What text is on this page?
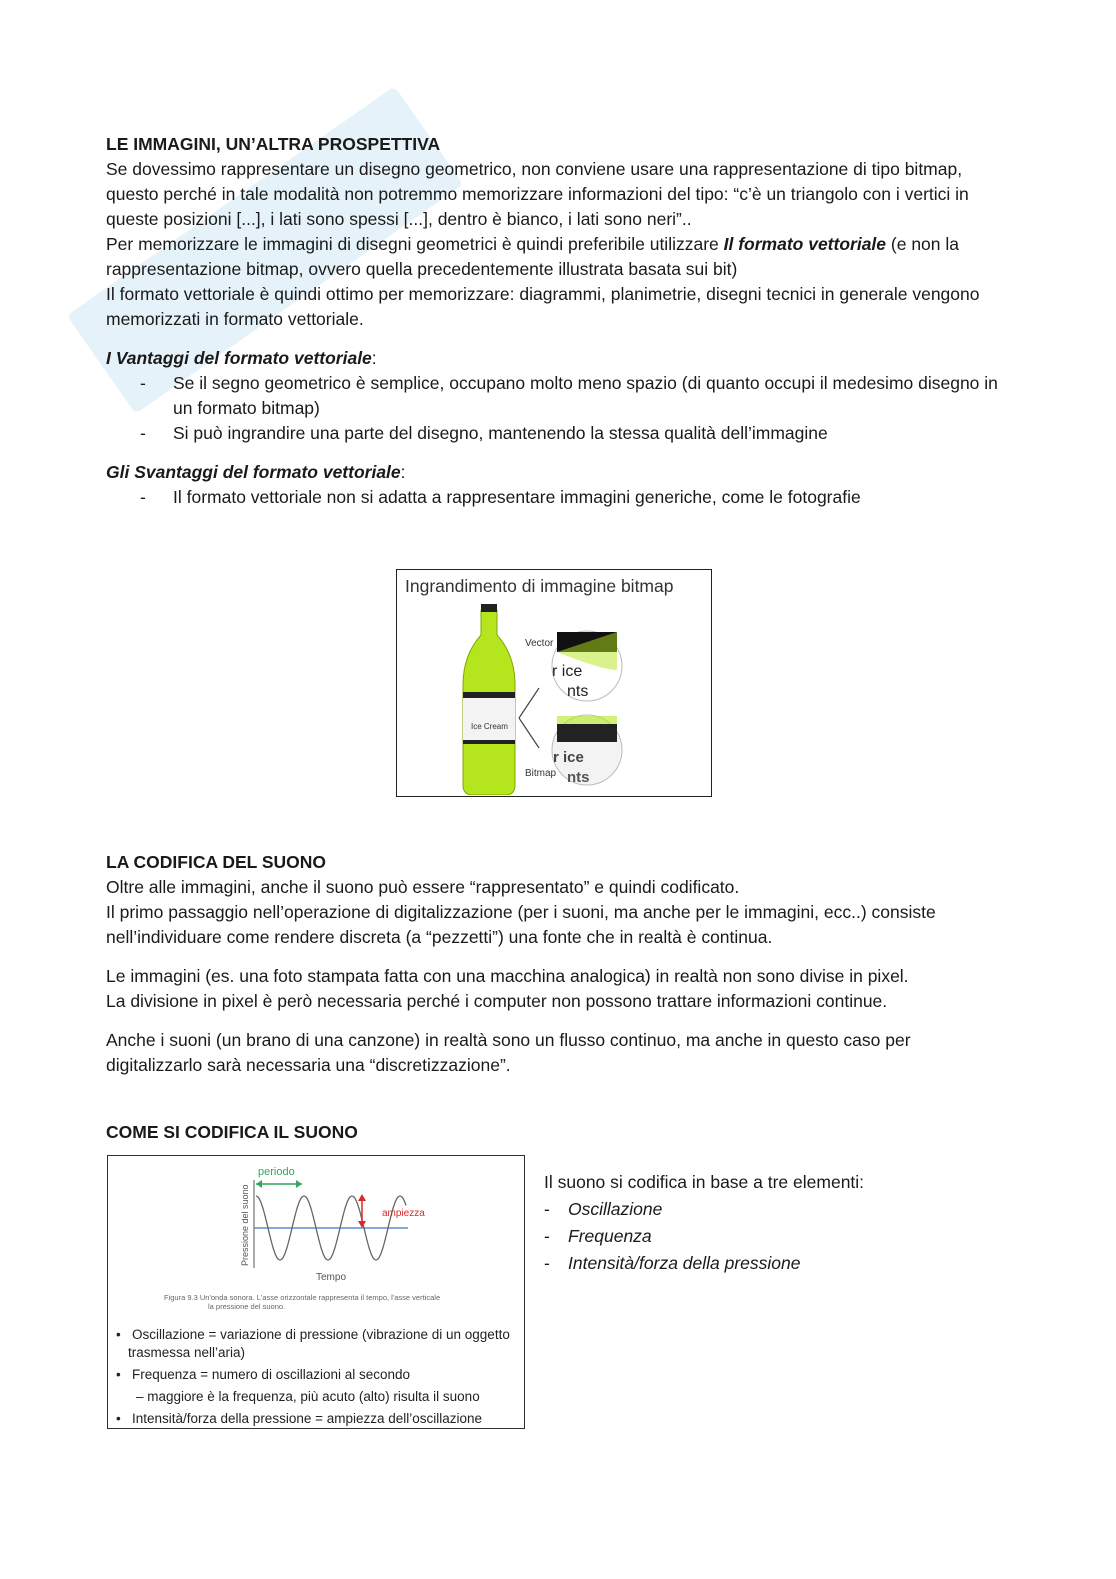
LE IMMAGINI, UN’ALTRA PROSPETTIVA

Se dovessimo rappresentare un disegno geometrico, non conviene usare una rappresentazione di tipo bitmap, questo perché in tale modalità non potremmo memorizzare informazioni del tipo: “c’è un triangolo con i vertici in queste posizioni [...], i lati sono spessi [...], dentro è bianco, i lati sono neri”..

Per memorizzare le immagini di disegni geometrici è quindi preferibile utilizzare Il formato vettoriale (e non la rappresentazione bitmap, ovvero quella precedentemente illustrata basata sui bit)

Il formato vettoriale è quindi ottimo per memorizzare: diagrammi, planimetrie, disegni tecnici in generale vengono memorizzati in formato vettoriale.

I Vantaggi del formato vettoriale:

- Se il segno geometrico è semplice, occupano molto meno spazio (di quanto occupi il medesimo disegno in un formato bitmap)
- Si può ingrandire una parte del disegno, mantenendo la stessa qualità dell’immagine

Gli Svantaggi del formato vettoriale:

- Il formato vettoriale non si adatta a rappresentare immagini generiche, come le fotografie
Ingrandimento di immagine bitmap
Ice Cream
Vector
Bitmap
r ice
nts
r ice
nts

LA CODIFICA DEL SUONO

Oltre alle immagini, anche il suono può essere “rappresentato” e quindi codificato.

Il primo passaggio nell’operazione di digitalizzazione (per i suoni, ma anche per le immagini, ecc..) consiste nell’individuare come rendere discreta (a “pezzetti”) una fonte che in realtà è continua.

Le immagini (es. una foto stampata fatta con una macchina analogica) in realtà non sono divise in pixel.

La divisione in pixel è però necessaria perché i computer non possono trattare informazioni continue.

Anche i suoni (un brano di una canzone) in realtà sono un flusso continuo, ma anche in questo caso per digitalizzarlo sarà necessaria una “discretizzazione”.

COME SI CODIFICA IL SUONO

periodo
ampiezza
Pressione del suono
Tempo
Figura 9.3 Un'onda sonora. L'asse orizzontale rappresenta il tempo, l'asse verticale
la pressione del suono.
•   Oscillazione = variazione di pressione (vibrazione di un oggetto
trasmessa nell’aria)
•   Frequenza = numero di oscillazioni al secondo
– maggiore è la frequenza, più acuto (alto) risulta il suono
•   Intensità/forza della pressione = ampiezza dell’oscillazione
Il suono si codifica in base a tre elementi:
- Oscillazione
- Frequenza
- Intensità/forza della pressione
